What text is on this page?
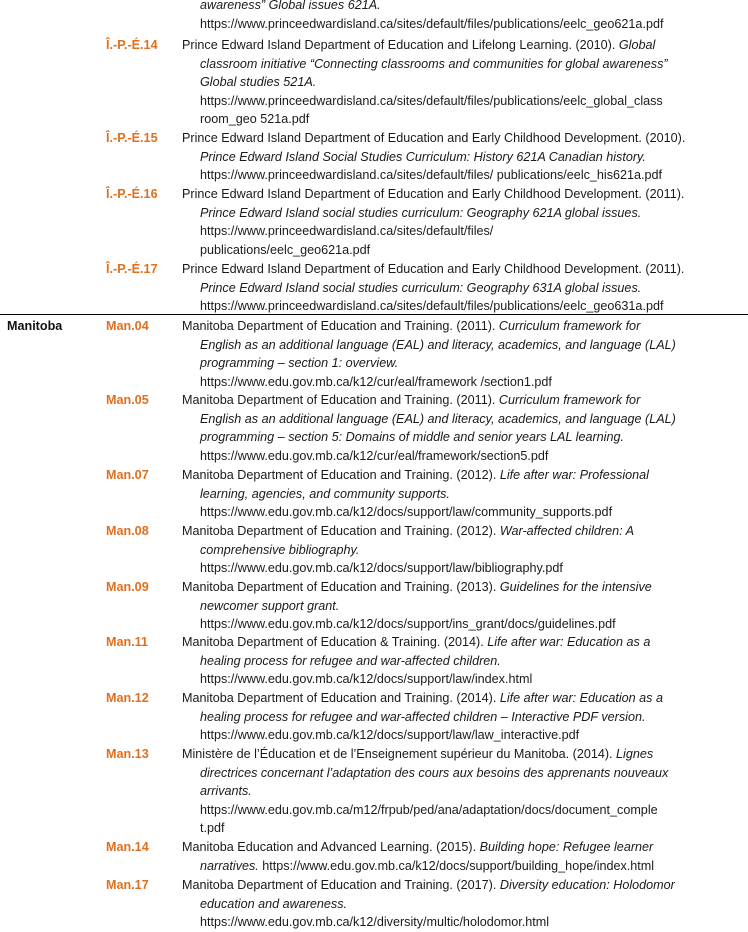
awareness” Global issues 621A.
https://www.princeedwardisland.ca/sites/default/files/publications/eelc_geo621a.pdf
Î.-P.-É.14 Prince Edward Island Department of Education and Lifelong Learning. (2010). Global
classroom initiative “Connecting classrooms and communities for global awareness”
Global studies 521A.
https://www.princeedwardisland.ca/sites/default/files/publications/eelc_global_class
room_geo 521a.pdf
Î.-P.-É.15 Prince Edward Island Department of Education and Early Childhood Development. (2010).
Prince Edward Island Social Studies Curriculum: History 621A Canadian history.
https://www.princeedwardisland.ca/sites/default/files/ publications/eelc_his621a.pdf
Î.-P.-É.16 Prince Edward Island Department of Education and Early Childhood Development. (2011).
Prince Edward Island social studies curriculum: Geography 621A global issues.
https://www.princeedwardisland.ca/sites/default/files/
publications/eelc_geo621a.pdf
Î.-P.-É.17 Prince Edward Island Department of Education and Early Childhood Development. (2011).
Prince Edward Island social studies curriculum: Geography 631A global issues.
https://www.princeedwardisland.ca/sites/default/files/publications/eelc_geo631a.pdf
Manitoba	Man.04	Manitoba Department of Education and Training. (2011). Curriculum framework for
English as an additional language (EAL) and literacy, academics, and language (LAL)
programming – section 1: overview.
https://www.edu.gov.mb.ca/k12/cur/eal/framework /section1.pdf
Man.05	Manitoba Department of Education and Training. (2011). Curriculum framework for
English as an additional language (EAL) and literacy, academics, and language (LAL)
programming – section 5: Domains of middle and senior years LAL learning.
https://www.edu.gov.mb.ca/k12/cur/eal/framework/section5.pdf
Man.07	Manitoba Department of Education and Training. (2012). Life after war: Professional
learning, agencies, and community supports.
https://www.edu.gov.mb.ca/k12/docs/support/law/community_supports.pdf
Man.08	Manitoba Department of Education and Training. (2012). War-affected children: A
comprehensive bibliography.
https://www.edu.gov.mb.ca/k12/docs/support/law/bibliography.pdf
Man.09	Manitoba Department of Education and Training. (2013). Guidelines for the intensive
newcomer support grant.
https://www.edu.gov.mb.ca/k12/docs/support/ins_grant/docs/guidelines.pdf
Man.11	Manitoba Department of Education & Training. (2014). Life after war: Education as a
healing process for refugee and war-affected children.
https://www.edu.gov.mb.ca/k12/docs/support/law/index.html
Man.12	Manitoba Department of Education and Training. (2014). Life after war: Education as a
healing process for refugee and war-affected children – Interactive PDF version.
https://www.edu.gov.mb.ca/k12/docs/support/law/law_interactive.pdf
Man.13	Ministère de l’Éducation et de l’Enseignement supérieur du Manitoba. (2014). Lignes
directrices concernant l’adaptation des cours aux besoins des apprenants nouveaux
arrivants.
https://www.edu.gov.mb.ca/m12/frpub/ped/ana/adaptation/docs/document_comple
t.pdf
Man.14	Manitoba Education and Advanced Learning. (2015). Building hope: Refugee learner
narratives. https://www.edu.gov.mb.ca/k12/docs/support/building_hope/index.html
Man.17	Manitoba Department of Education and Training. (2017). Diversity education: Holodomor
education and awareness.
https://www.edu.gov.mb.ca/k12/diversity/multic/holodomor.html
